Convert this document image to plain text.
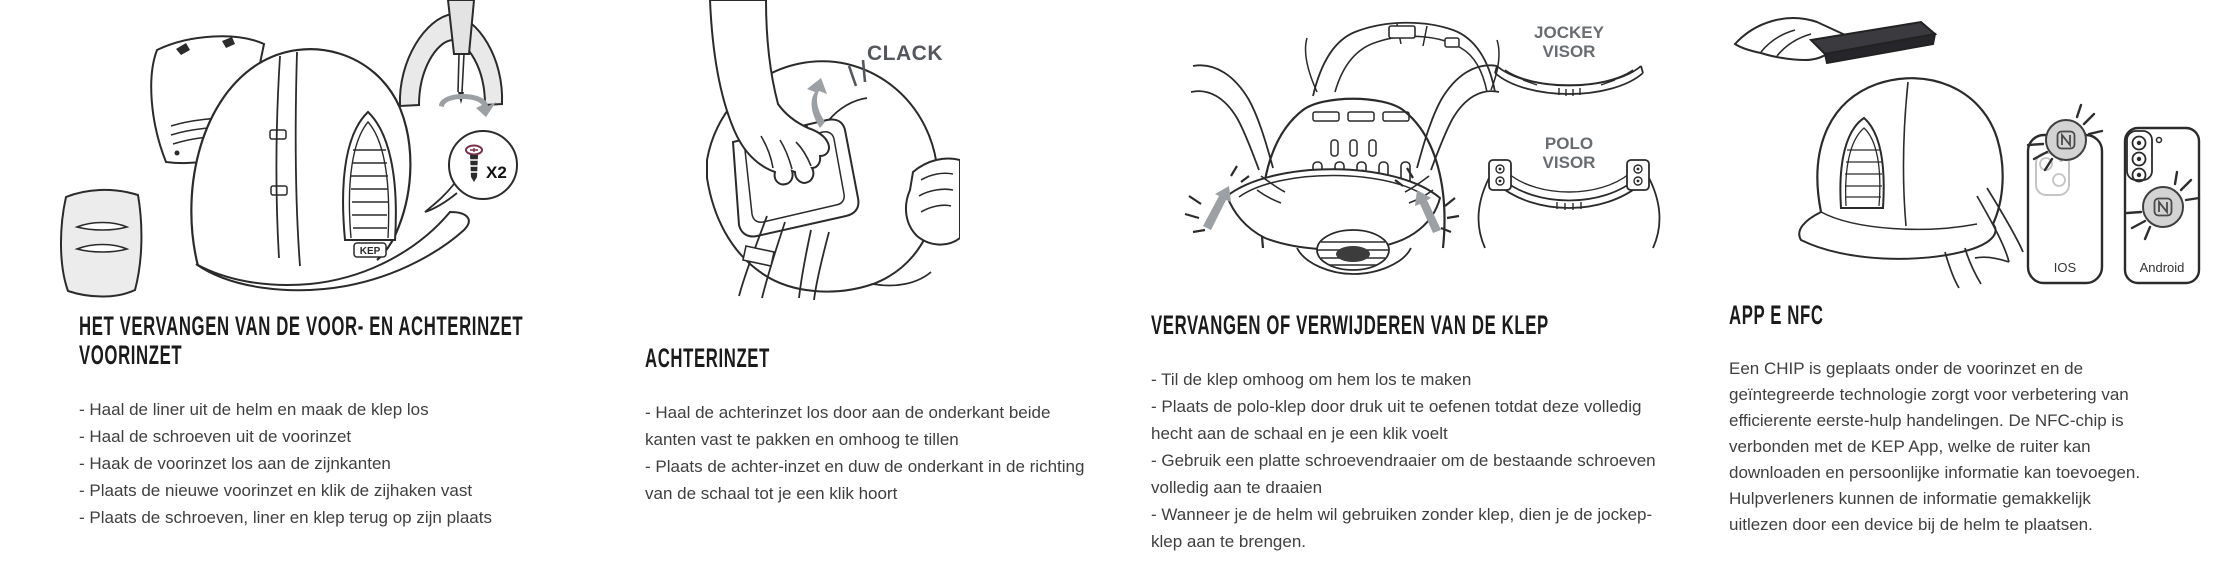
KEP
X2
CLACK
JOCKEY
VISOR
POLO
VISOR
IOS	Android
HET VERVANGEN VAN DE VOOR- EN ACHTERINZET
VOORINZET
- Haal de liner uit de helm en maak de klep los
- Haal de schroeven uit de voorinzet
- Haak de voorinzet los aan de zijnkanten
- Plaats de nieuwe voorinzet en klik de zijhaken vast
- Plaats de schroeven, liner en klep terug op zijn plaats
ACHTERINZET
- Haal de achterinzet los door aan de onderkant beide kanten vast te pakken en omhoog te tillen
- Plaats de achter-inzet en duw de onderkant in de richting van de schaal tot je een klik hoort
VERVANGEN OF VERWIJDEREN VAN DE KLEP
- Til de klep omhoog om hem los te maken
- Plaats de polo-klep door druk uit te oefenen totdat deze volledig hecht aan de schaal en je een klik voelt
- Gebruik een platte schroevendraaier om de bestaande schroeven volledig aan te draaien
- Wanneer je de helm wil gebruiken zonder klep, dien je de jockep-klep aan te brengen.
APP E NFC
Een CHIP is geplaats onder de voorinzet en de geïntegreerde technologie zorgt voor verbetering van efficierente eerste-hulp handelingen. De NFC-chip is verbonden met de KEP App, welke de ruiter kan downloaden en persoonlijke informatie kan toevoegen. Hulpverleners kunnen de informatie gemakkelijk uitlezen door een device bij de helm te plaatsen.
